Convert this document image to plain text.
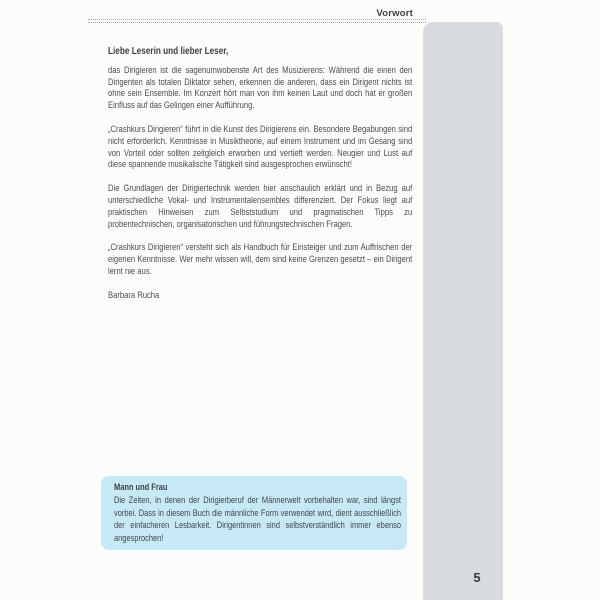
Vorwort
5
Liebe Leserin und lieber Leser,

das Dirigieren ist die sagenumwobenste Art des Musizierens: Während die einen den Dirigenten als totalen Diktator sehen, erkennen die anderen, dass ein Dirigent nichts ist ohne sein Ensemble. Im Konzert hört man von ihm keinen Laut und doch hat er großen Einfluss auf das Gelingen einer Aufführung.

„Crashkurs Dirigieren“ führt in die Kunst des Dirigierens ein. Besondere Begabungen sind nicht erforderlich. Kenntnisse in Musiktheorie, auf einem Instrument und im Gesang sind von Vorteil oder sollten zeitgleich erworben und vertieft werden. Neugier und Lust auf diese spannende musikalische Tätigkeit sind ausgesprochen erwünscht!

Die Grundlagen der Dirigiertechnik werden hier anschaulich erklärt und in Bezug auf unterschiedliche Vokal- und Instrumentalensembles differenziert. Der Fokus liegt auf praktischen Hinweisen zum Selbststudium und pragmatischen Tipps zu probentechnischen, organisatorischen und führungstechnischen Fragen.

„Crashkurs Dirigieren“ versteht sich als Handbuch für Einsteiger und zum Auffrischen der eigenen Kenntnisse. Wer mehr wissen will, dem sind keine Grenzen gesetzt – ein Dirigent lernt nie aus.

Barbara Rucha
Mann und Frau
Die Zeiten, in denen der Dirigierberuf der Männerwelt vorbehalten war, sind längst vorbei. Dass in diesem Buch die männliche Form verwendet wird, dient ausschließlich der einfacheren Lesbarkeit. Dirigentinnen sind selbstverständlich immer ebenso angesprochen!
